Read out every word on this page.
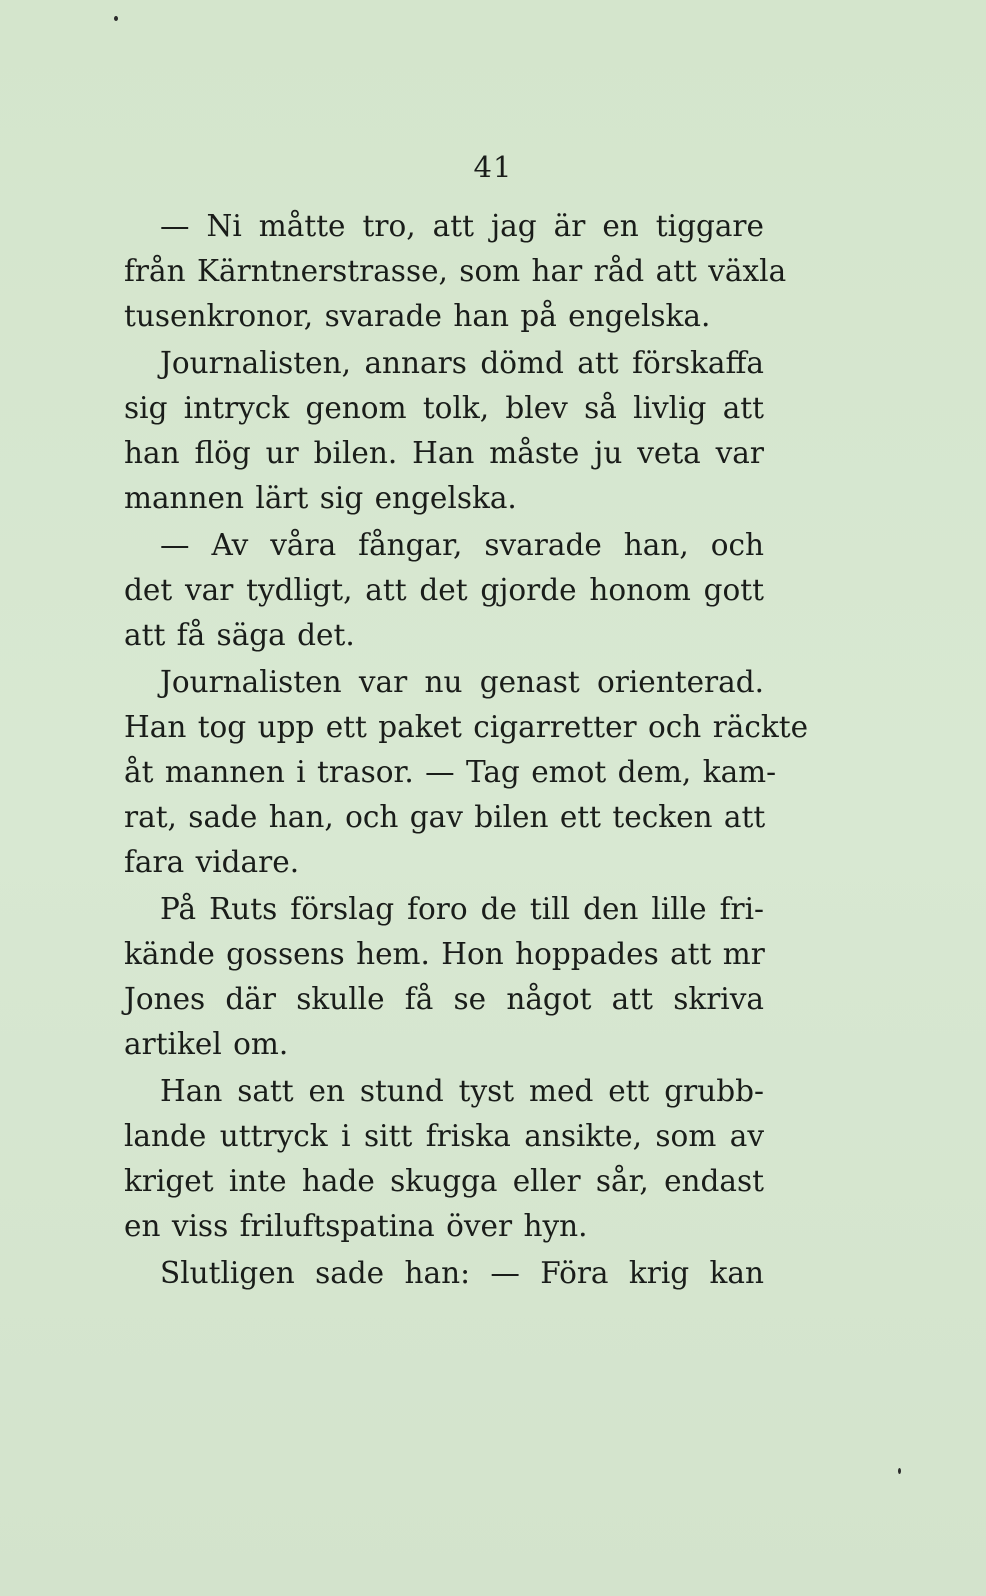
41
— Ni måtte tro, att jag är en tiggare
från Kärntnerstrasse, som har råd att växla
tusenkronor, svarade han på engelska.
Journalisten, annars dömd att förskaffa
sig intryck genom tolk, blev så livlig att
han flög ur bilen. Han måste ju veta var
mannen lärt sig engelska.
— Av våra fångar, svarade han, och
det var tydligt, att det gjorde honom gott
att få säga det.
Journalisten var nu genast orienterad.
Han tog upp ett paket cigarretter och räckte
åt mannen i trasor. — Tag emot dem, kam-
rat, sade han, och gav bilen ett tecken att
fara vidare.
På Ruts förslag foro de till den lille fri-
kände gossens hem. Hon hoppades att mr
Jones där skulle få se något att skriva
artikel om.
Han satt en stund tyst med ett grubb-
lande uttryck i sitt friska ansikte, som av
kriget inte hade skugga eller sår, endast
en viss friluftspatina över hyn.
Slutligen sade han: — Föra krig kan
